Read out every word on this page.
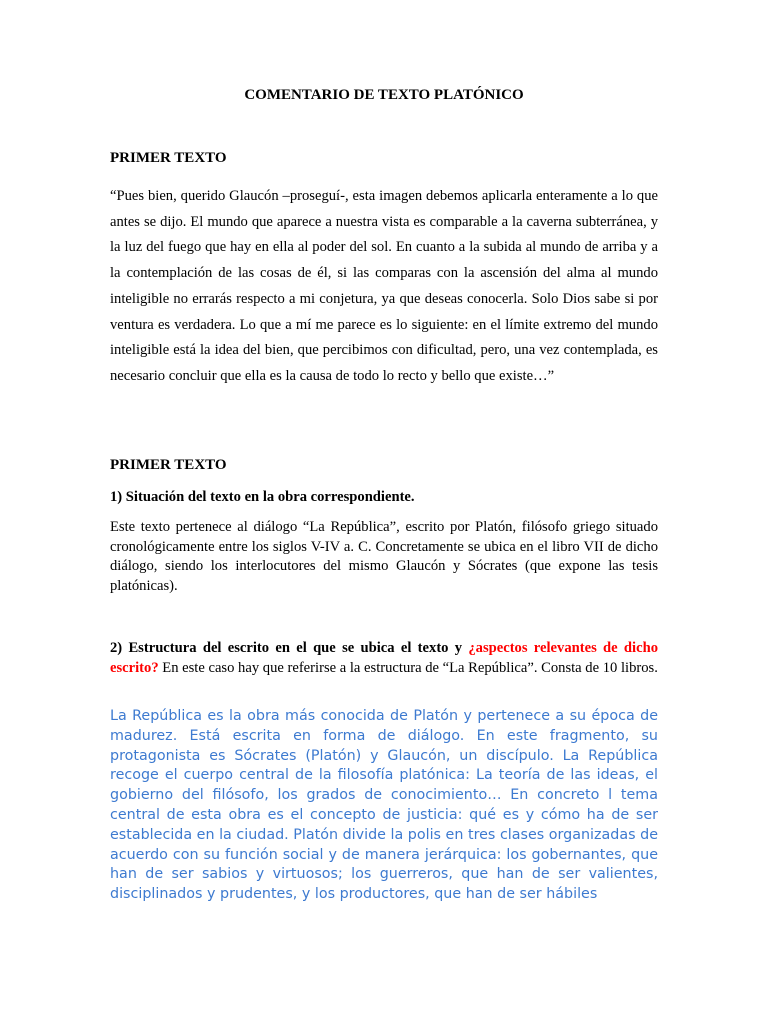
COMENTARIO DE TEXTO PLATÓNICO

PRIMER TEXTO

“Pues bien, querido Glaucón –proseguí-, esta imagen debemos aplicarla enteramente a lo que antes se dijo. El mundo que aparece a nuestra vista es comparable a la caverna subterránea, y la luz del fuego que hay en ella al poder del sol. En cuanto a la subida al mundo de arriba y a la contemplación de las cosas de él, si las comparas con la ascensión del alma al mundo inteligible no errarás respecto a mi conjetura, ya que deseas conocerla. Solo Dios sabe si por ventura es verdadera. Lo que a mí me parece es lo siguiente: en el límite extremo del mundo inteligible está la idea del bien, que percibimos con dificultad, pero, una vez contemplada, es necesario concluir que ella es la causa de todo lo recto y bello que existe…”

PRIMER TEXTO

1) Situación del texto en la obra correspondiente.

Este texto pertenece al diálogo “La República”, escrito por Platón, filósofo griego situado cronológicamente entre los siglos V-IV a. C. Concretamente se ubica en el libro VII de dicho diálogo, siendo los interlocutores del mismo Glaucón y Sócrates (que expone las tesis platónicas).

2) Estructura del escrito en el que se ubica el texto y ¿aspectos relevantes de dicho escrito? En este caso hay que referirse a la estructura de “La República”. Consta de 10 libros.

La República es la obra más conocida de Platón y pertenece a su época de madurez. Está escrita en forma de diálogo. En este fragmento, su protagonista es Sócrates (Platón) y Glaucón, un discípulo. La República recoge el cuerpo central de la filosofía platónica: La teoría de las ideas, el gobierno del filósofo, los grados de conocimiento… En concreto l tema central de esta obra es el concepto de justicia: qué es y cómo ha de ser establecida en la ciudad. Platón divide la polis en tres clases organizadas de acuerdo con su función social y de manera jerárquica: los gobernantes, que han de ser sabios y virtuosos; los guerreros, que han de ser valientes, disciplinados y prudentes, y los productores, que han de ser hábiles
